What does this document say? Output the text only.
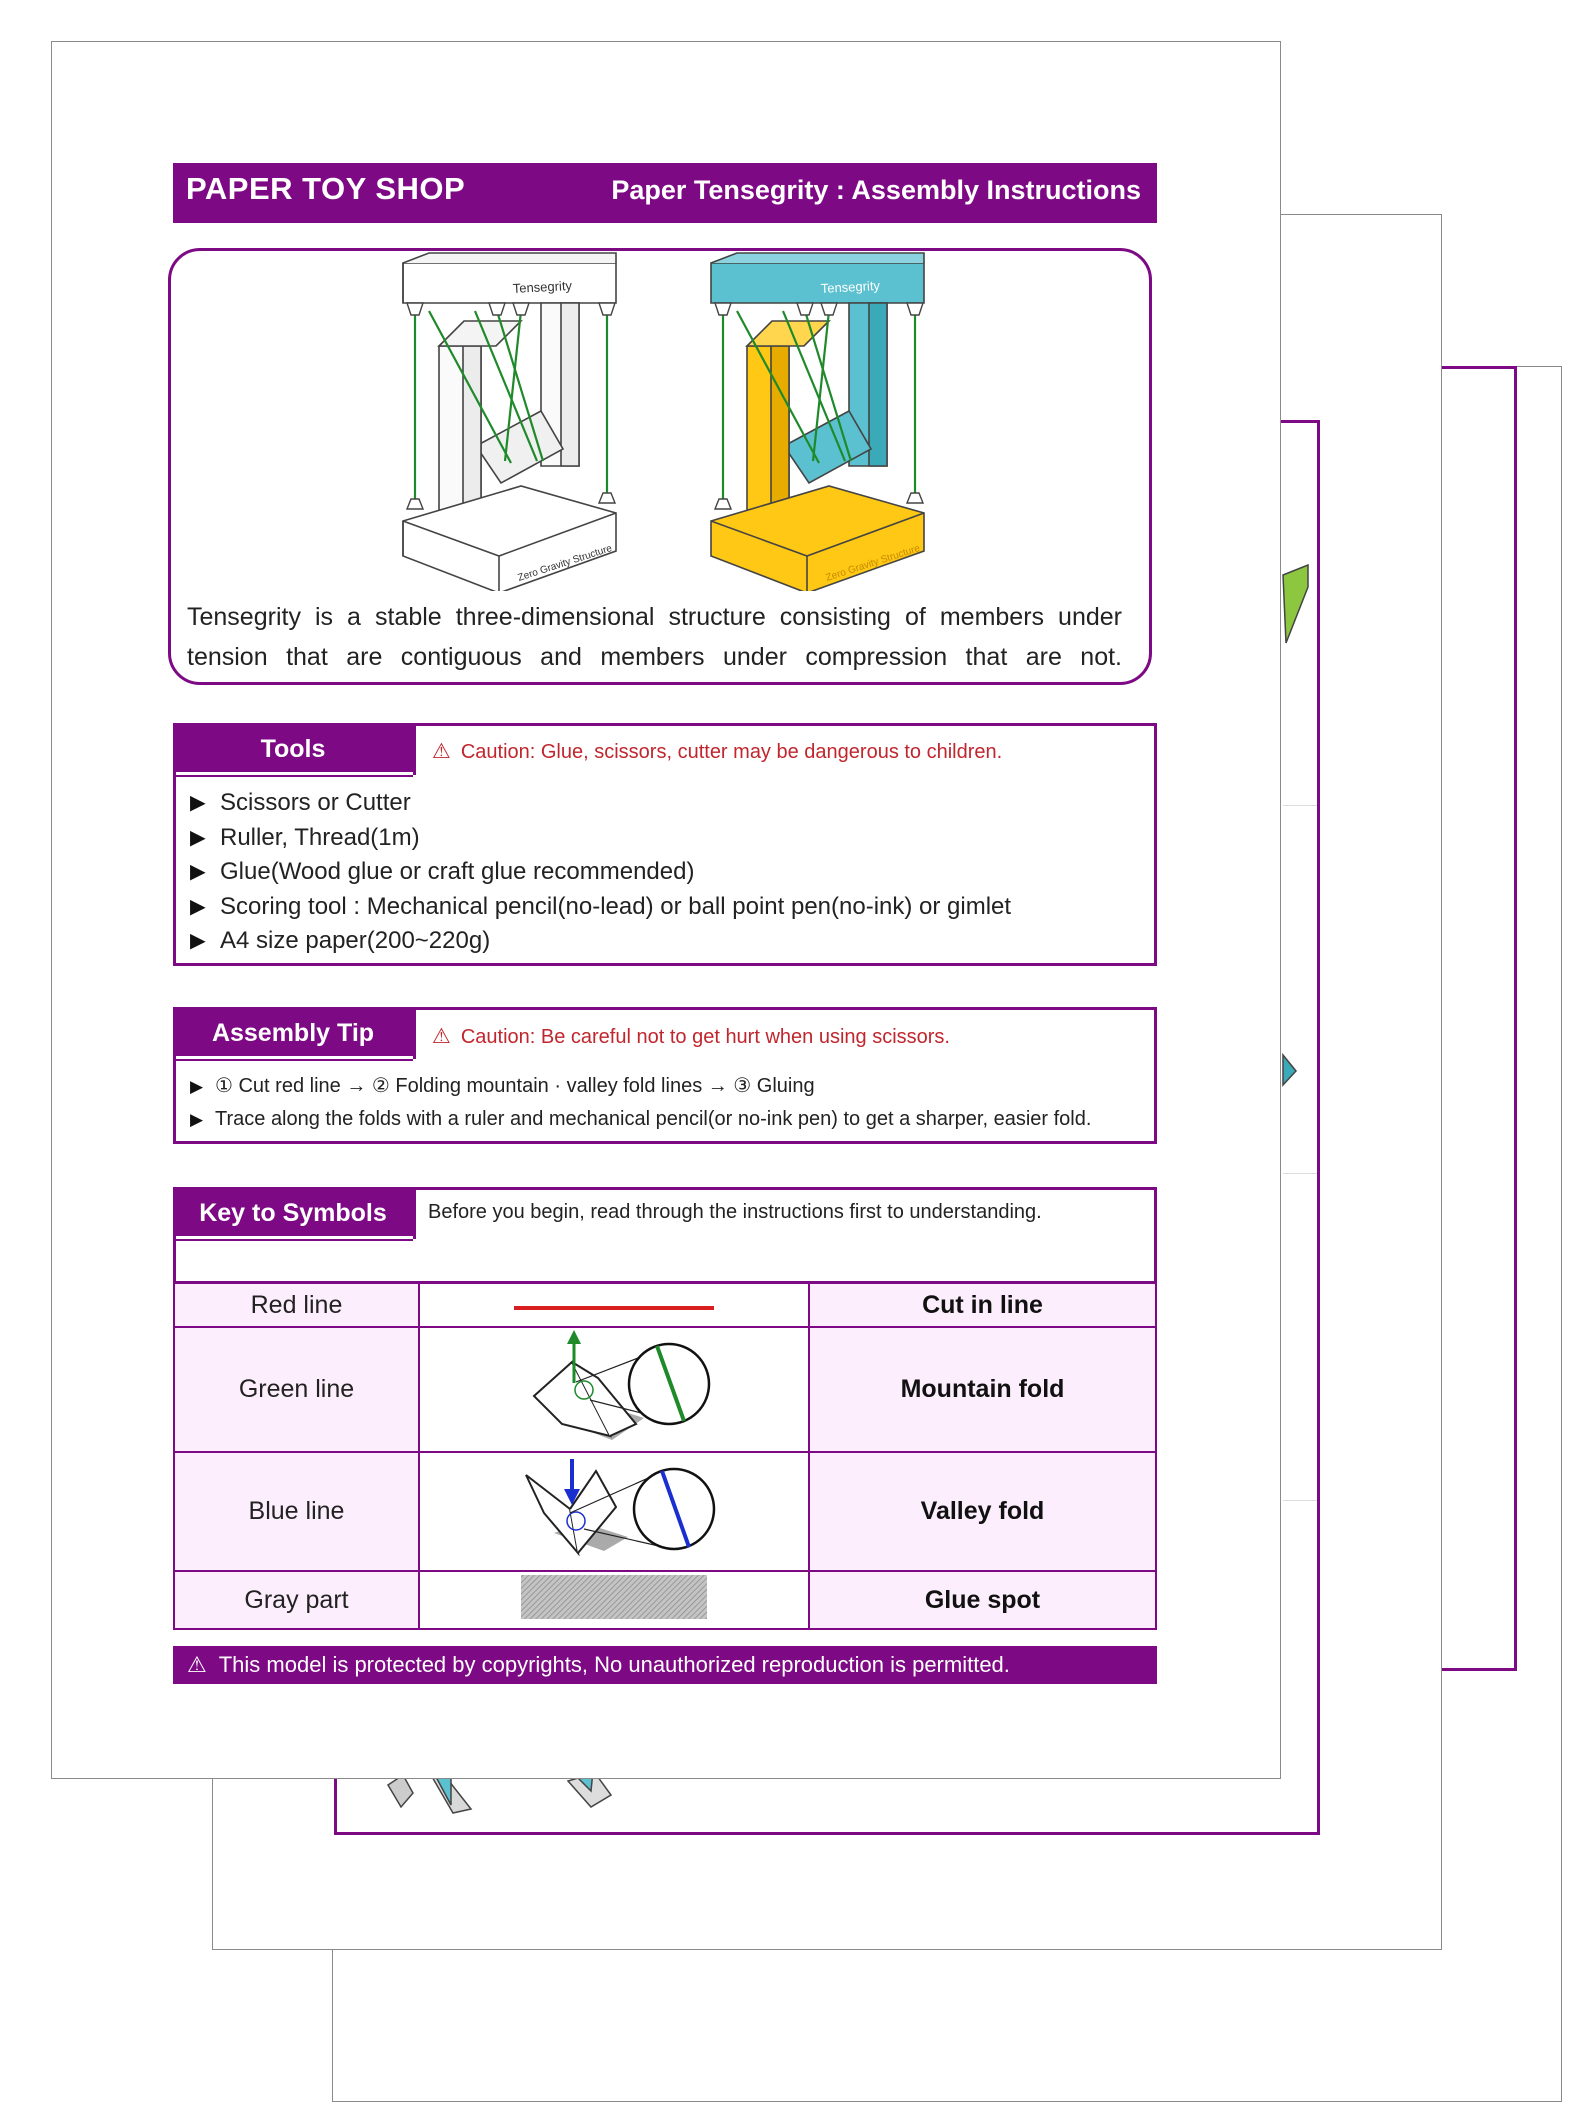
PAPER TOY SHOP	Paper Tensegrity : Assembly Instructions
Tensegrity
Zero Gravity Structure
Tensegrity
Zero Gravity Structure
Tensegrity is a stable three-dimensional structure consisting of members under tension that are contiguous and members under compression that are not.
Tools	⚠ Caution: Glue, scissors, cutter may be dangerous to children.
▶ Scissors or Cutter
▶ Ruller, Thread(1m)
▶ Glue(Wood glue or craft glue recommended)
▶ Scoring tool : Mechanical pencil(no-lead) or ball point pen(no-ink) or gimlet
▶ A4 size paper(200~220g)
Assembly Tip	⚠ Caution: Be careful not to get hurt when using scissors.
▶ ① Cut red line → ② Folding mountain · valley fold lines → ③ Gluing
▶ Trace along the folds with a ruler and mechanical pencil(or no-ink pen) to get a sharper, easier fold.
Key to Symbols	Before you begin, read through the instructions first to understanding.
Red line		Cut in line
Green line		Mountain fold
Blue line		Valley fold
Gray part		Glue spot
⚠ This model is protected by copyrights, No unauthorized reproduction is permitted.
